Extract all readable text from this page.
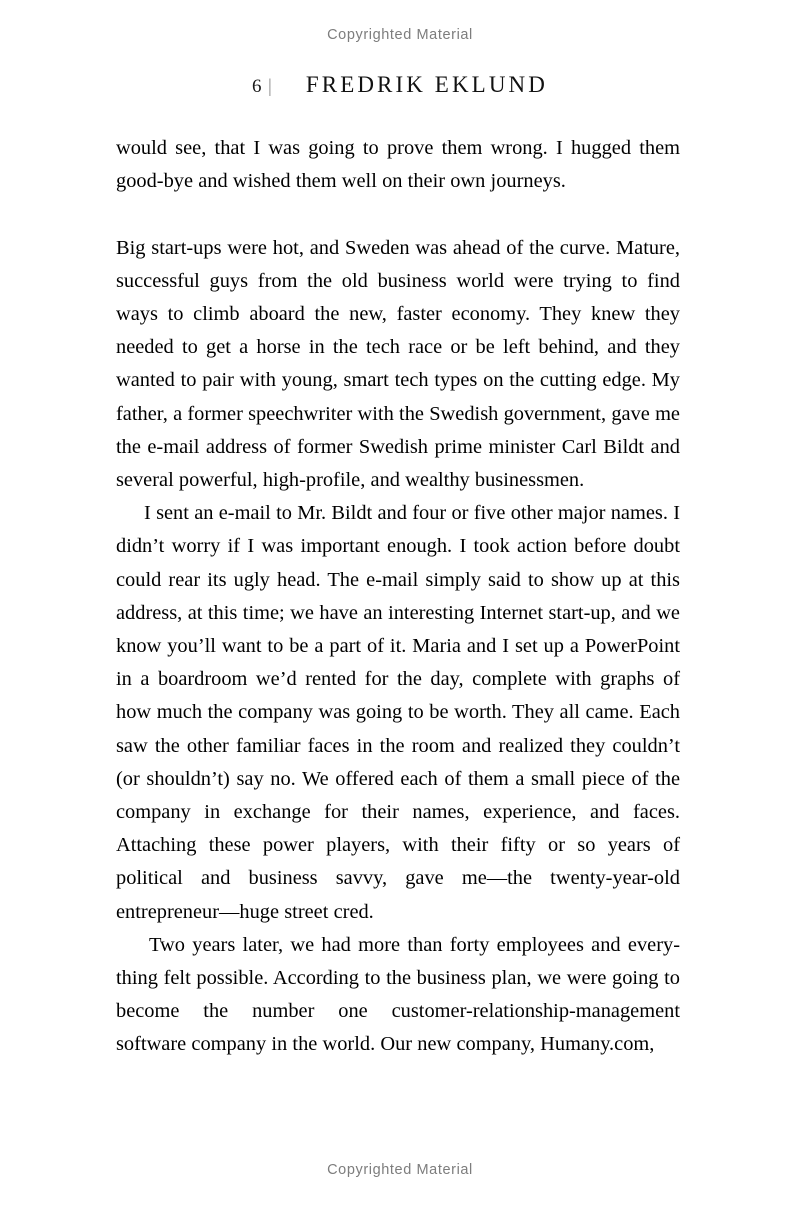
Copyrighted Material
6 | FREDRIK EKLUND

would see, that I was going to prove them wrong. I hugged them good-bye and wished them well on their own journeys.

Big start-ups were hot, and Sweden was ahead of the curve. Mature, successful guys from the old business world were trying to find ways to climb aboard the new, faster economy. They knew they needed to get a horse in the tech race or be left behind, and they wanted to pair with young, smart tech types on the cutting edge. My father, a former speechwriter with the Swedish government, gave me the e-mail address of former Swedish prime minister Carl Bildt and several powerful, high-profile, and wealthy businessmen.

I sent an e-mail to Mr. Bildt and four or five other major names. I didn’t worry if I was important enough. I took action before doubt could rear its ugly head. The e-mail simply said to show up at this address, at this time; we have an interesting Internet start-up, and we know you’ll want to be a part of it. Maria and I set up a PowerPoint in a boardroom we’d rented for the day, complete with graphs of how much the company was going to be worth. They all came. Each saw the other familiar faces in the room and realized they couldn’t (or shouldn’t) say no. We offered each of them a small piece of the company in exchange for their names, experience, and faces. Attaching these power players, with their fifty or so years of political and business savvy, gave me—the twenty-year-old entrepreneur—huge street cred.

Two years later, we had more than forty employees and everything felt possible. According to the business plan, we were going to become the number one customer-relationship-management software company in the world. Our new company, Humany.com,

Copyrighted Material
